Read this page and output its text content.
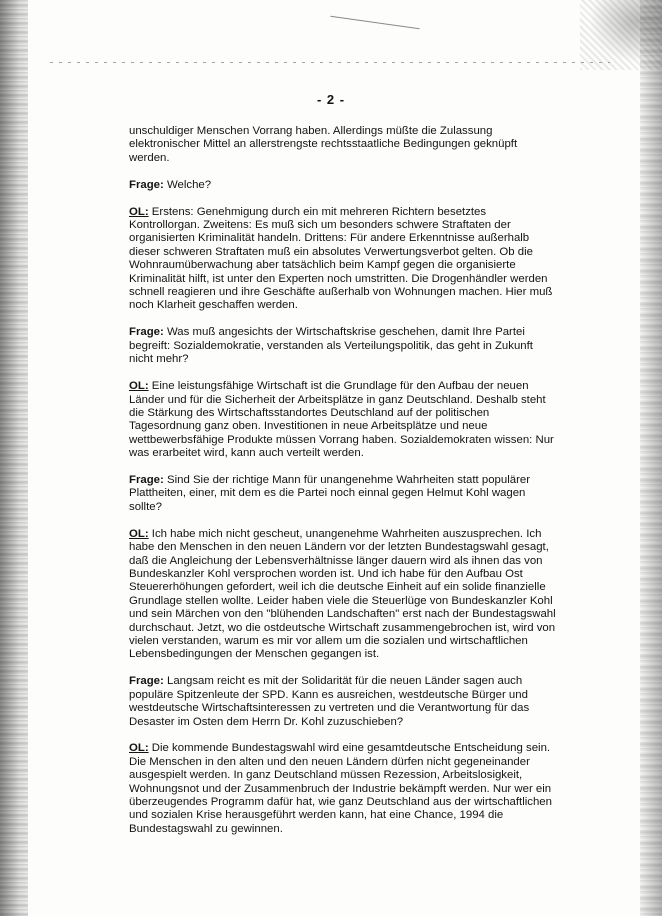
- 2 -

unschuldiger Menschen Vorrang haben. Allerdings müßte die Zulassung elektronischer Mittel an allerstrengste rechtsstaatliche Bedingungen geknüpft werden.

Frage: Welche?

OL: Erstens: Genehmigung durch ein mit mehreren Richtern besetztes Kontrollorgan. Zweitens: Es muß sich um besonders schwere Straftaten der organisierten Kriminalität handeln. Drittens: Für andere Erkenntnisse außerhalb dieser schweren Straftaten muß ein absolutes Verwertungsverbot gelten. Ob die Wohnraumüberwachung aber tatsächlich beim Kampf gegen die organisierte Kriminalität hilft, ist unter den Experten noch umstritten. Die Drogenhändler werden schnell reagieren und ihre Geschäfte außerhalb von Wohnungen machen. Hier muß noch Klarheit geschaffen werden.

Frage: Was muß angesichts der Wirtschaftskrise geschehen, damit Ihre Partei begreift: Sozialdemokratie, verstanden als Verteilungspolitik, das geht in Zukunft nicht mehr?

OL: Eine leistungsfähige Wirtschaft ist die Grundlage für den Aufbau der neuen Länder und für die Sicherheit der Arbeitsplätze in ganz Deutschland. Deshalb steht die Stärkung des Wirtschaftsstandortes Deutschland auf der politischen Tagesordnung ganz oben. Investitionen in neue Arbeitsplätze und neue wettbewerbsfähige Produkte müssen Vorrang haben. Sozialdemokraten wissen: Nur was erarbeitet wird, kann auch verteilt werden.

Frage: Sind Sie der richtige Mann für unangenehme Wahrheiten statt populärer Plattheiten, einer, mit dem es die Partei noch einnal gegen Helmut Kohl wagen sollte?

OL: Ich habe mich nicht gescheut, unangenehme Wahrheiten auszusprechen. Ich habe den Menschen in den neuen Ländern vor der letzten Bundestagswahl gesagt, daß die Angleichung der Lebensverhältnisse länger dauern wird als ihnen das von Bundeskanzler Kohl versprochen worden ist. Und ich habe für den Aufbau Ost Steuererhöhungen gefordert, weil ich die deutsche Einheit auf ein solide finanzielle Grundlage stellen wollte. Leider haben viele die Steuerlüge von Bundeskanzler Kohl und sein Märchen von den "blühenden Landschaften" erst nach der Bundestagswahl durchschaut. Jetzt, wo die ostdeutsche Wirtschaft zusammengebrochen ist, wird von vielen verstanden, warum es mir vor allem um die sozialen und wirtschaftlichen Lebensbedingungen der Menschen gegangen ist.

Frage: Langsam reicht es mit der Solidarität für die neuen Länder sagen auch populäre Spitzenleute der SPD. Kann es ausreichen, westdeutsche Bürger und westdeutsche Wirtschaftsinteressen zu vertreten und die Verantwortung für das Desaster im Osten dem Herrn Dr. Kohl zuzuschieben?

OL: Die kommende Bundestagswahl wird eine gesamtdeutsche Entscheidung sein. Die Menschen in den alten und den neuen Ländern dürfen nicht gegeneinander ausgespielt werden. In ganz Deutschland müssen Rezession, Arbeitslosigkeit, Wohnungsnot und der Zusammenbruch der Industrie bekämpft werden. Nur wer ein überzeugendes Programm dafür hat, wie ganz Deutschland aus der wirtschaftlichen und sozialen Krise herausgeführt werden kann, hat eine Chance, 1994 die Bundestagswahl zu gewinnen.
